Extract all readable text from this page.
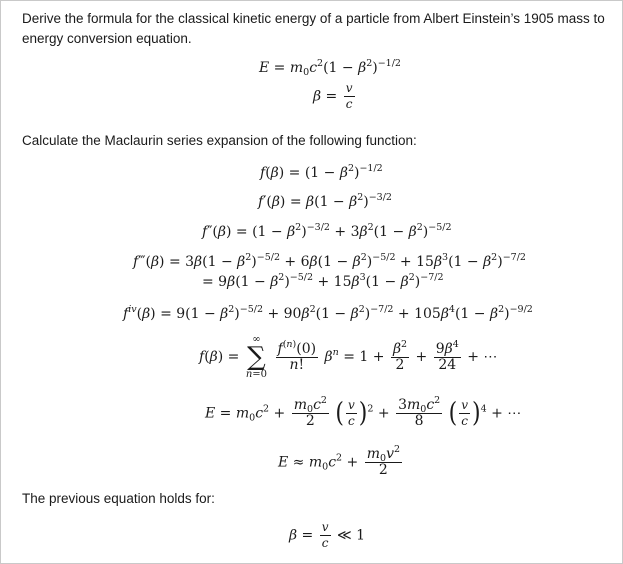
Derive the formula for the classical kinetic energy of a particle from Albert Einstein’s 1905 mass to energy conversion equation.
$E = m_0c^2(1 - \beta^2)^{-1/2}$
$\beta = \frac{v}{c}$
Calculate the Maclaurin series expansion of the following function:
$f(\beta) = (1 - \beta^2)^{-1/2}$
$f'(\beta) = \beta(1 - \beta^2)^{-3/2}$
$f''(\beta) = (1 - \beta^2)^{-3/2} + 3\beta^2(1 - \beta^2)^{-5/2}$
f‴(β) = $3\beta(1 - \beta^2)^{-5/2} + 6\beta(1 - \beta^2)^{-5/2} + 15\beta^3(1 - \beta^2)^{-7/2}$
= $9\beta(1 - \beta^2)^{-5/2} + 15\beta^3(1 - \beta^2)^{-7/2}$
$f^{iv}(\beta) = 9(1 - \beta^2)^{-5/2} + 90\beta^2(1 - \beta^2)^{-7/2} + 105\beta^4(1 - \beta^2)^{-9/2}$
f(β) =
∞
∑
n=0

$\frac{f^{(n)}(0)}{n!} \beta^n = 1 + \frac{\beta^2}{2} + \frac{9\beta^4}{24}$ + ⋯
$E = m_0c^2 + \frac{m_0c^2}{2}$ ( $\frac{v}{c} )^2 + \frac{3m_0c^2}{8}$ ( $\frac{v}{c} )^4$ + ⋯
$E \approx m_0c^2 + \frac{m_0v^2}{2}$
The previous equation holds for:
$\beta = \frac{v}{c}$ ≪ 1
